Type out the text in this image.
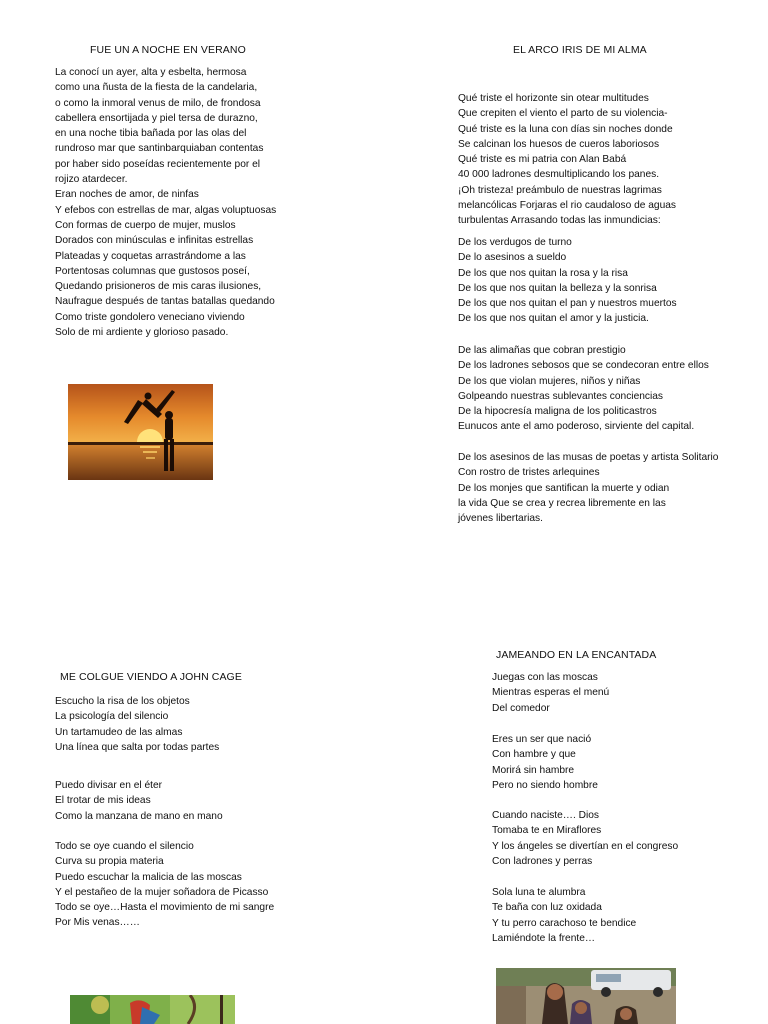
FUE UN A NOCHE EN VERANO
La conocí un ayer, alta y esbelta, hermosa
como una ñusta de la fiesta de la candelaria,
o como la inmoral venus de milo, de frondosa
cabellera ensortijada y piel tersa de durazno,
en una noche tibia bañada por las olas del
rundroso mar que santinbarquiaban contentas
por haber sido poseídas recientemente por el
rojizo atardecer.
Eran noches de amor, de ninfas
Y efebos con estrellas de mar, algas voluptuosas
Con formas de cuerpo de mujer, muslos
Dorados con minúsculas e infinitas estrellas
Plateadas y coquetas arrastrándome a las
Portentosas columnas que gustosos poseí,
Quedando prisioneros de mis caras ilusiones,
Naufrague después de tantas batallas quedando
Como triste gondolero veneciano viviendo
Solo de mi ardiente y glorioso pasado.
EL ARCO IRIS DE MI ALMA
Qué triste el horizonte sin otear multitudes
Que crepiten el viento el parto de su violencia-
Qué triste es la luna con días sin noches donde
Se calcinan los huesos de cueros laboriosos
Qué triste es mi patria con Alan Babá
40 000 ladrones desmultiplicando los panes.
¡Oh tristeza! preámbulo de nuestras lagrimas
melancólicas Forjaras el rio caudaloso de aguas
turbulentas Arrasando todas las inmundicias:
De los verdugos de turno
De lo asesinos a sueldo
De los que nos quitan la rosa y la risa
De los que nos quitan la belleza y la sonrisa
De los que nos quitan el pan y nuestros muertos
De los que nos quitan el amor y la justicia.
De las alimañas que cobran prestigio
De los ladrones sebosos que se condecoran entre ellos
De los que violan mujeres, niños y niñas
Golpeando nuestras sublevantes conciencias
De la hipocresía maligna de los politicastros
Eunucos ante el amo poderoso, sirviente del capital.
De los asesinos de las musas de poetas y artista Solitario
Con rostro de tristes arlequines
De los monjes que santifican la muerte y odian
la vida Que se crea y recrea libremente en las
jóvenes libertarias.
ME COLGUE VIENDO A JOHN CAGE
Escucho la risa de los objetos
La psicología del silencio
Un tartamudeo de las almas
Una línea que salta por todas partes
Puedo divisar en el éter
El trotar de mis ideas
Como la manzana de mano en mano
Todo se oye cuando el silencio
Curva su propia materia
Puedo escuchar la malicia de las moscas
Y el pestañeo de la mujer soñadora de Picasso
Todo se oye…Hasta el movimiento de mi sangre
Por Mis venas……
JAMEANDO EN LA ENCANTADA
Juegas con las moscas
Mientras esperas el menú
Del comedor
Eres un ser que nació
Con hambre y que
Morirá sin hambre
Pero no siendo hombre
Cuando naciste…. Dios
Tomaba te en Miraflores
Y los ángeles se divertían en el congreso
Con ladrones y perras
Sola luna te alumbra
Te baña con luz oxidada
Y tu perro carachoso te bendice
Lamiéndote la frente…
